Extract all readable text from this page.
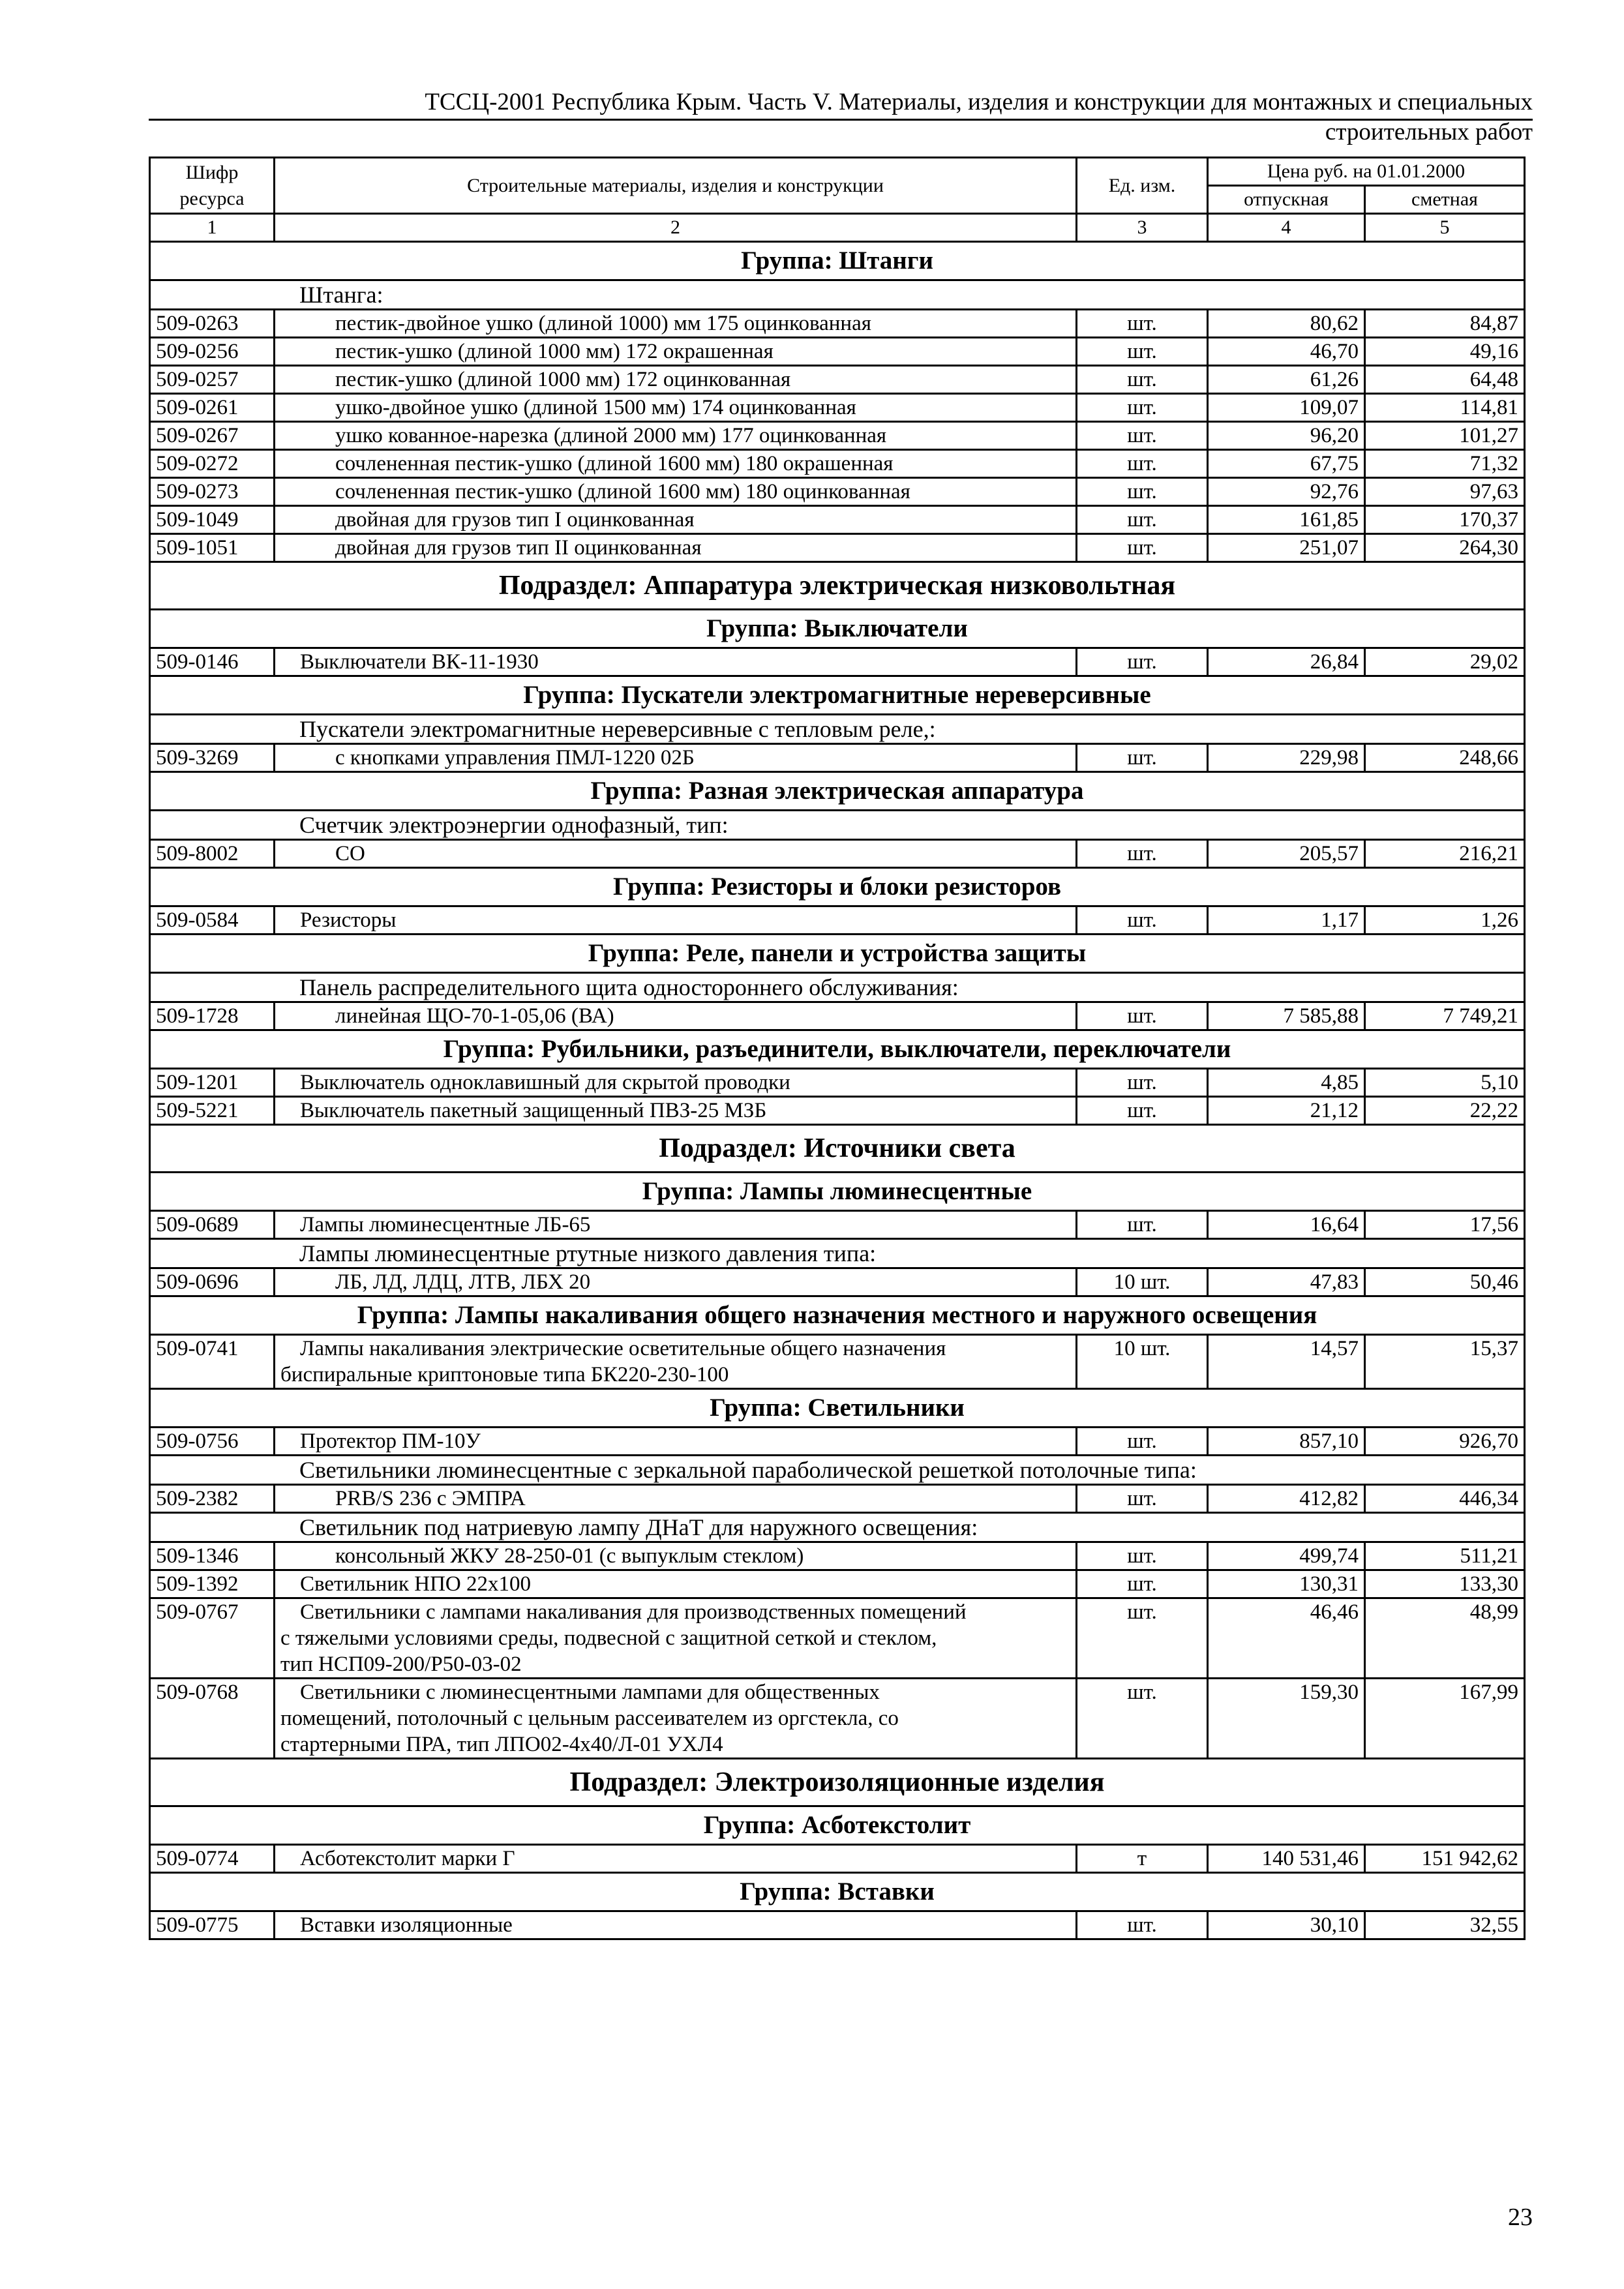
ТССЦ-2001 Республика Крым. Часть V. Материалы, изделия и конструкции для монтажных и специальных
строительных работ
Шифр ресурса	Строительные материалы, изделия и конструкции	Ед. изм.	Цена руб. на 01.01.2000	
			отпускная	сметная
1	2	3	4	5
Группа: Штанги				
Штанга:				
509-0263	пестик-двойное ушко (длиной 1000) мм 175 оцинкованная	шт.	80,62	84,87
509-0256	пестик-ушко (длиной 1000 мм) 172 окрашенная	шт.	46,70	49,16
509-0257	пестик-ушко (длиной 1000 мм) 172 оцинкованная	шт.	61,26	64,48
509-0261	ушко-двойное ушко (длиной 1500 мм) 174 оцинкованная	шт.	109,07	114,81
509-0267	ушко кованное-нарезка (длиной 2000 мм) 177 оцинкованная	шт.	96,20	101,27
509-0272	сочлененная пестик-ушко (длиной 1600 мм) 180 окрашенная	шт.	67,75	71,32
509-0273	сочлененная пестик-ушко (длиной 1600 мм) 180 оцинкованная	шт.	92,76	97,63
509-1049	двойная для грузов тип I оцинкованная	шт.	161,85	170,37
509-1051	двойная для грузов тип II оцинкованная	шт.	251,07	264,30
Подраздел: Аппаратура электрическая низковольтная				
Группа: Выключатели				
509-0146	Выключатели ВК-11-1930	шт.	26,84	29,02
Группа: Пускатели электромагнитные нереверсивные				
Пускатели электромагнитные нереверсивные с тепловым реле,:				
509-3269	с кнопками управления ПМЛ-1220 02Б	шт.	229,98	248,66
Группа: Разная электрическая аппаратура				
Счетчик электроэнергии однофазный, тип:				
509-8002	СО	шт.	205,57	216,21
Группа: Резисторы и блоки резисторов				
509-0584	Резисторы	шт.	1,17	1,26
Группа: Реле, панели и устройства защиты				
Панель распределительного щита одностороннего обслуживания:				
509-1728	линейная ЩО-70-1-05,06 (ВА)	шт.	7 585,88	7 749,21
Группа: Рубильники, разъединители, выключатели, переключатели				
509-1201	Выключатель одноклавишный для скрытой проводки	шт.	4,85	5,10
509-5221	Выключатель пакетный защищенный ПВЗ-25 МЗБ	шт.	21,12	22,22
Подраздел: Источники света				
Группа: Лампы люминесцентные				
509-0689	Лампы люминесцентные ЛБ-65	шт.	16,64	17,56
Лампы люминесцентные ртутные низкого давления типа:				
509-0696	ЛБ, ЛД, ЛДЦ, ЛТВ, ЛБХ 20	10 шт.	47,83	50,46
Группа: Лампы накаливания общего назначения местного и наружного освещения				
509-0741	Лампы накаливания электрические осветительные общего назначения
биспиральные криптоновые типа БК220-230-100	10 шт.	14,57	15,37
Группа: Светильники				
509-0756	Протектор ПМ-10У	шт.	857,10	926,70
Светильники люминесцентные с зеркальной параболической решеткой потолочные типа:				
509-2382	PRB/S 236 с ЭМПРА	шт.	412,82	446,34
Светильник под натриевую лампу ДНаТ для наружного освещения:				
509-1346	консольный ЖКУ 28-250-01 (с выпуклым стеклом)	шт.	499,74	511,21
509-1392	Светильник НПО 22х100	шт.	130,31	133,30
509-0767	Светильники с лампами накаливания для производственных помещений
с тяжелыми условиями среды, подвесной с защитной сеткой и стеклом,
тип НСП09-200/Р50-03-02	шт.	46,46	48,99
509-0768	Светильники с люминесцентными лампами для общественных
помещений, потолочный с цельным рассеивателем из оргстекла, со
стартерными ПРА, тип ЛПО02-4х40/Л-01 УХЛ4	шт.	159,30	167,99
Подраздел: Электроизоляционные изделия				
Группа: Асботекстолит				
509-0774	Асботекстолит марки Г	т	140 531,46	151 942,62
Группа: Вставки				
509-0775	Вставки изоляционные	шт.	30,10	32,55
23
